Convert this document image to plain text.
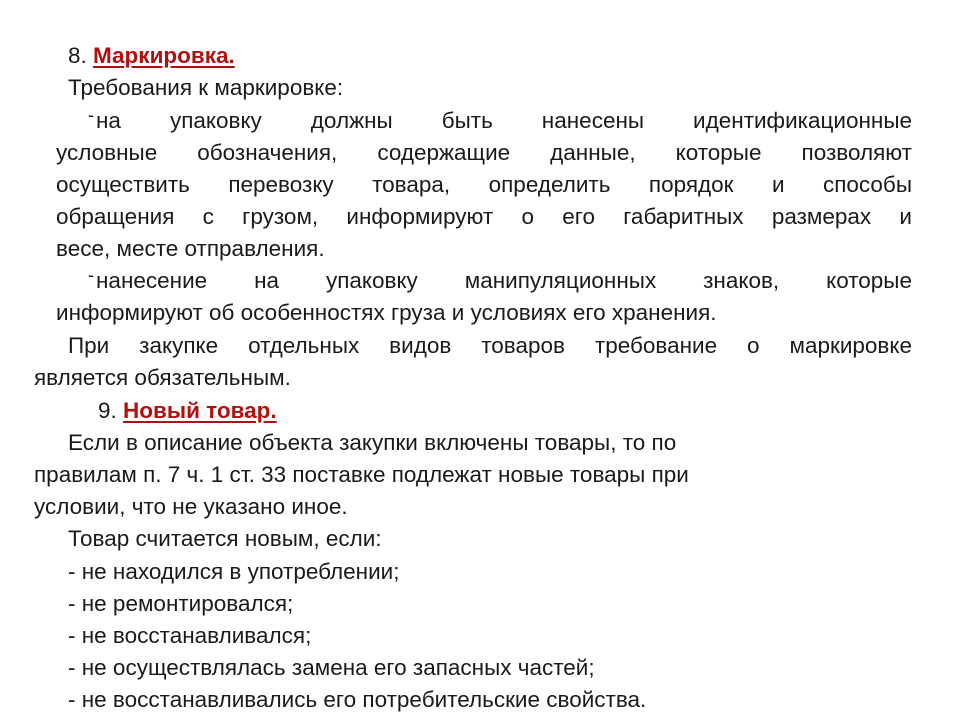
8. Маркировка.
Требования к маркировке:
-на упаковку должны быть нанесены идентификационные
условные обозначения, содержащие данные, которые позволяют
осуществить перевозку товара, определить порядок и способы
обращения с грузом, информируют о его габаритных размерах и
весе, месте отправления.
-нанесение на упаковку манипуляционных знаков, которые
информируют об особенностях груза и условиях его хранения.
При закупке отдельных видов товаров требование о маркировке
является обязательным.
9. Новый товар.
Если в описание объекта закупки включены товары, то по
правилам п. 7 ч. 1 ст. 33 поставке подлежат новые товары при
условии, что не указано иное.
Товар считается новым, если:
- не находился в употреблении;
- не ремонтировался;
- не восстанавливался;
- не осуществлялась замена его запасных частей;
- не восстанавливались его потребительские свойства.
